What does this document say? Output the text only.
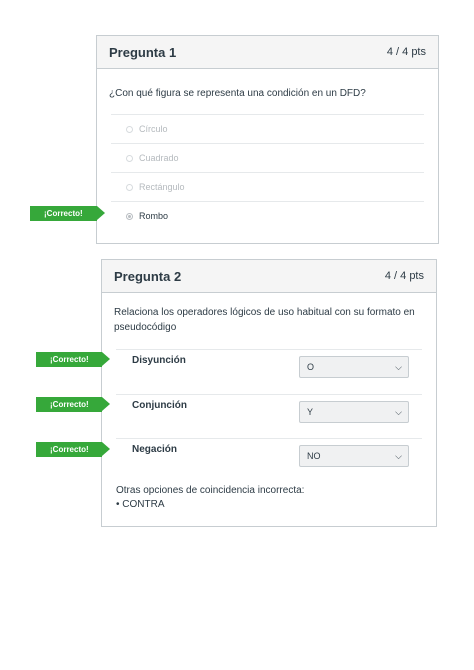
Pregunta 1	4 / 4 pts
¿Con qué figura se representa una condición en un DFD?
Círculo
Cuadrado
Rectángulo
Rombo
¡Correcto!
Pregunta 2	4 / 4 pts
Relaciona los operadores lógicos de uso habitual con su formato en
pseudocódigo
Disyunción
O	⌵
Conjunción
Y	⌵
Negación
NO	⌵
Otras opciones de coincidencia incorrecta:
• CONTRA
¡Correcto!
¡Correcto!
¡Correcto!
